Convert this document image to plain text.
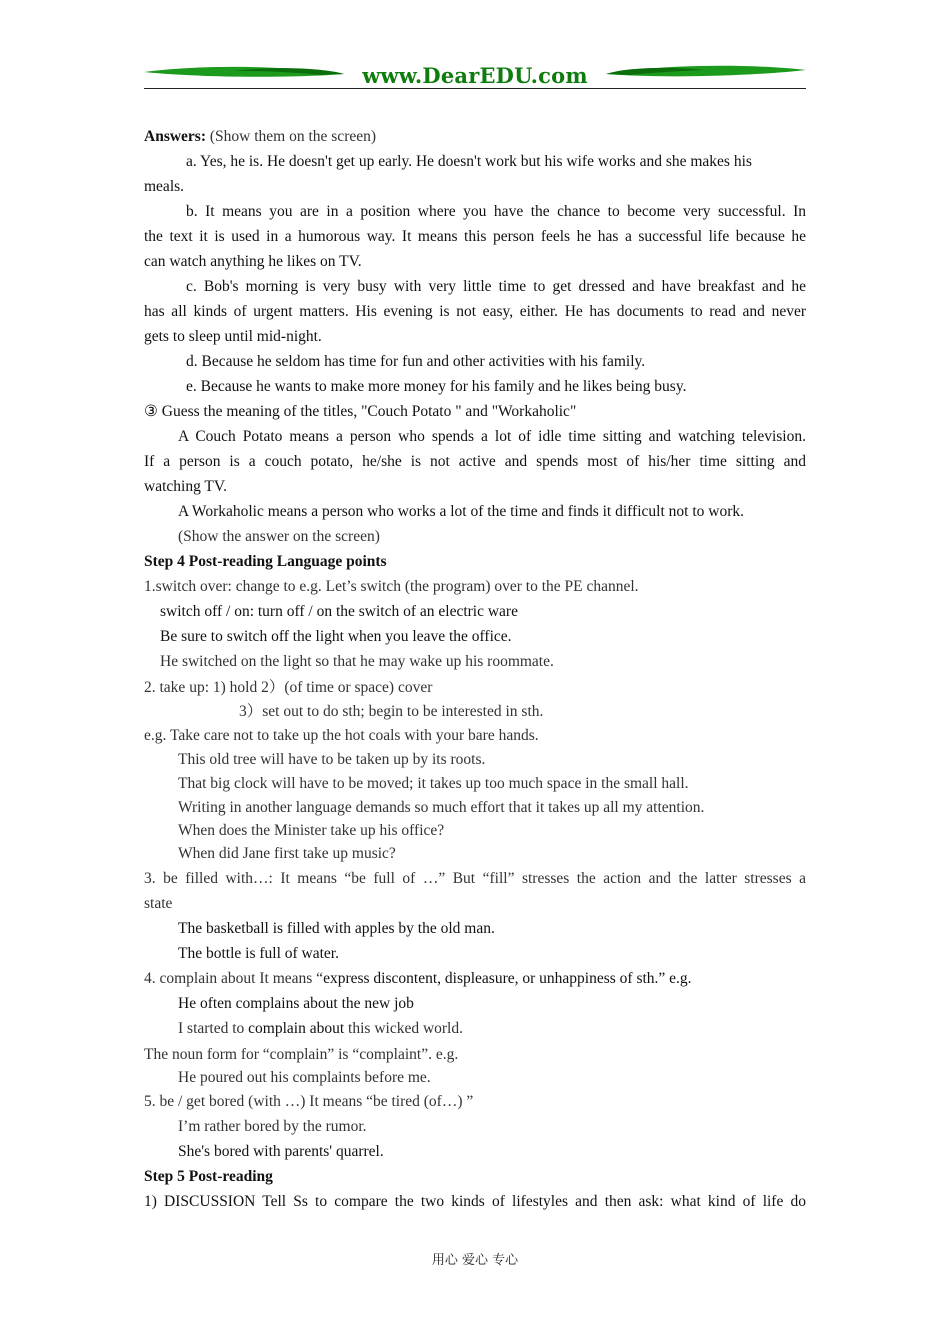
www.DearEDU.com
Answers: (Show them on the screen)
a. Yes, he is. He doesn't get up early. He doesn't work but his wife works and she makes his
meals.
b. It means you are in a position where you have the chance to become very successful. In
the text it is used in a humorous way. It means this person feels he has a successful life because he
can watch anything he likes on TV.
c. Bob's morning is very busy with very little time to get dressed and have breakfast and he
has all kinds of urgent matters. His evening is not easy, either. He has documents to read and never
gets to sleep until mid-night.
d. Because he seldom has time for fun and other activities with his family.
e. Because he wants to make more money for his family and he likes being busy.
③ Guess the meaning of the titles, "Couch Potato " and "Workaholic"
A Couch Potato means a person who spends a lot of idle time sitting and watching television.
If a person is a couch potato, he/she is not active and spends most of his/her time sitting and
watching TV.
A Workaholic means a person who works a lot of the time and finds it difficult not to work.
(Show the answer on the screen)
Step 4 Post-reading Language points
1.switch over: change to e.g. Let’s switch (the program) over to the PE channel.
switch off / on: turn off / on the switch of an electric ware
Be sure to switch off the light when you leave the office.
He switched on the light so that he may wake up his roommate.
2. take up: 1) hold 2）(of time or space) cover
3）set out to do sth; begin to be interested in sth.
e.g. Take care not to take up the hot coals with your bare hands.
This old tree will have to be taken up by its roots.
That big clock will have to be moved; it takes up too much space in the small hall.
Writing in another language demands so much effort that it takes up all my attention.
When does the Minister take up his office?
When did Jane first take up music?
3. be filled with…: It means “be full of …” But “fill” stresses the action and the latter stresses a
state
The basketball is filled with apples by the old man.
The bottle is full of water.
4. complain about It means “express discontent, displeasure, or unhappiness of sth.” e.g.
He often complains about the new job
I started to complain about this wicked world.
The noun form for “complain” is “complaint”. e.g.
He poured out his complaints before me.
5. be / get bored (with …) It means “be tired (of…) ”
I’m rather bored by the rumor.
She's bored with parents' quarrel.
Step 5 Post-reading
1) DISCUSSION Tell Ss to compare the two kinds of lifestyles and then ask: what kind of life do
用心 爱心 专心
